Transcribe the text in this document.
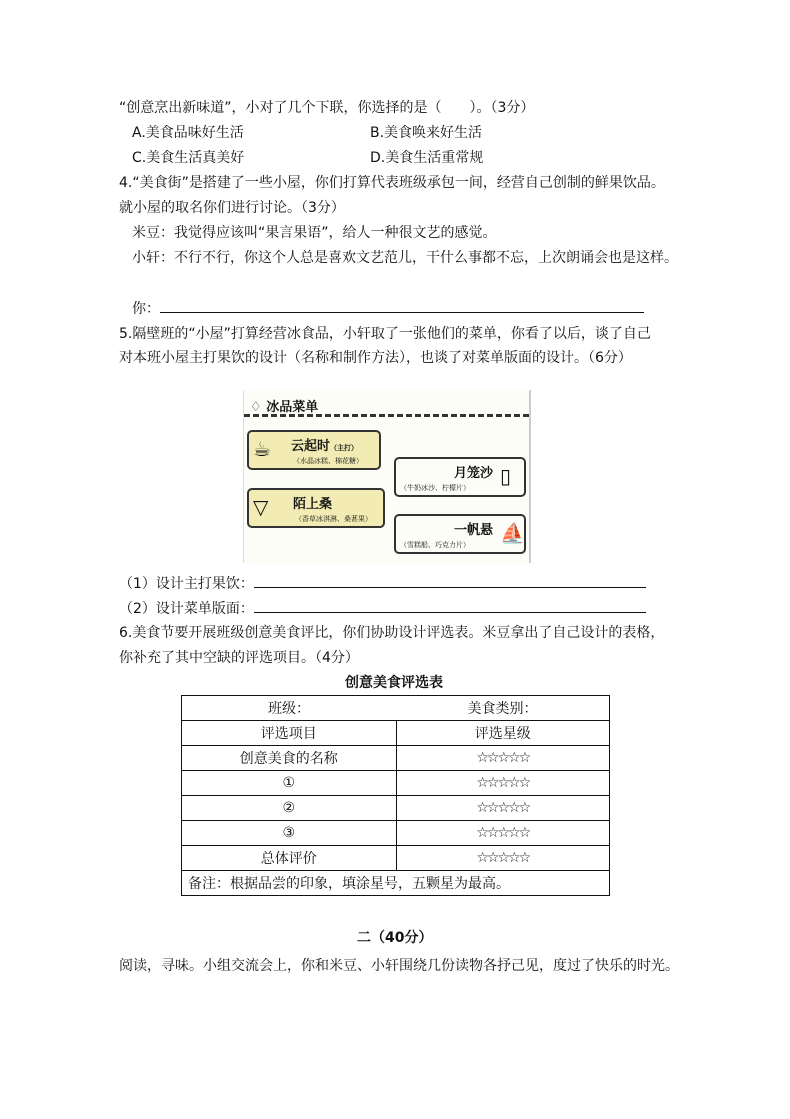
“创意烹出新味道”，小对了几个下联，你选择的是（　　）。（3分）
A.美食品味好生活	B.美食唤来好生活
C.美食生活真美好	D.美食生活重常规
4.“美食街”是搭建了一些小屋，你们打算代表班级承包一间，经营自己创制的鲜果饮品。
就小屋的取名你们进行讨论。（3分）
米豆：我觉得应该叫“果言果语”，给人一种很文艺的感觉。
小轩：不行不行，你这个人总是喜欢文艺范儿，干什么事都不忘，上次朗诵会也是这样。
你：
5.隔壁班的“小屋”打算经营冰食品，小轩取了一张他们的菜单，你看了以后，谈了自己
对本班小屋主打果饮的设计（名称和制作方法），也谈了对菜单版面的设计。（6分）
♢ 冰品菜单
☕ 云起时（主打）
（水晶冰糕、棉花糖）
▽ 陌上桑
（香草冰淇淋、桑葚果）
月笼沙
（牛奶冰沙、柠檬片） ▯
一帆悬
（雪糕船、巧克力片） ⛵
（1）设计主打果饮：
（2）设计菜单版面：
6.美食节要开展班级创意美食评比，你们协助设计评选表。米豆拿出了自己设计的表格，
你补充了其中空缺的评选项目。（4分）
创意美食评选表
班级：	美食类别：
评选项目	评选星级
创意美食的名称	☆☆☆☆☆
①	☆☆☆☆☆
②	☆☆☆☆☆
③	☆☆☆☆☆
总体评价	☆☆☆☆☆
备注：根据品尝的印象，填涂星号，五颗星为最高。	
二（40分）
阅读，寻味。小组交流会上，你和米豆、小轩围绕几份读物各抒己见，度过了快乐的时光。
